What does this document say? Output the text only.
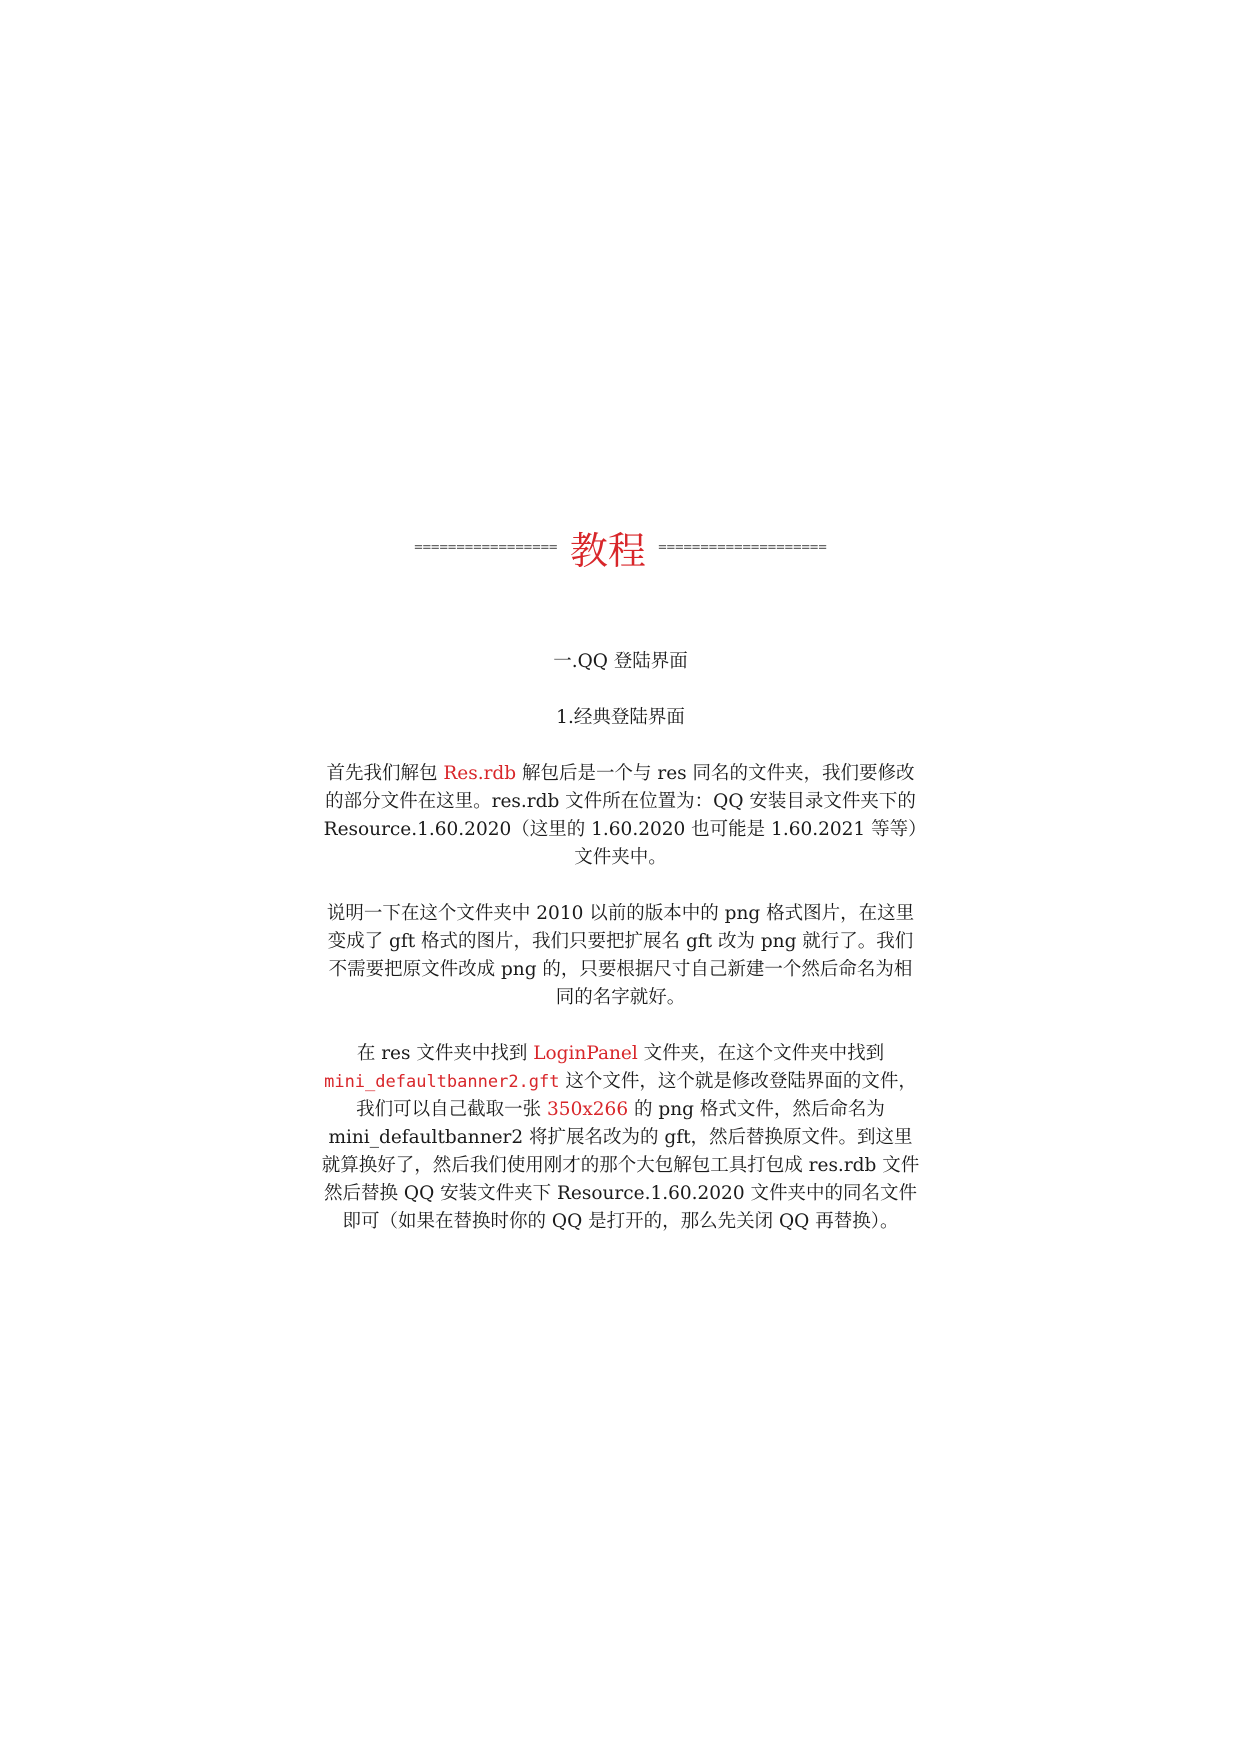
================= 教程 ====================

一.QQ 登陆界面

1.经典登陆界面

首先我们解包 Res.rdb 解包后是一个与 res 同名的文件夹，我们要修改的部分文件在这里。res.rdb 文件所在位置为：QQ 安装目录文件夹下的 Resource.1.60.2020（这里的 1.60.2020 也可能是 1.60.2021 等等）文件夹中。

说明一下在这个文件夹中 2010 以前的版本中的 png 格式图片，在这里变成了 gft 格式的图片，我们只要把扩展名 gft 改为 png 就行了。我们不需要把原文件改成 png 的，只要根据尺寸自己新建一个然后命名为相同的名字就好。

在 res 文件夹中找到 LoginPanel 文件夹，在这个文件夹中找到 mini_defaultbanner2.gft 这个文件，这个就是修改登陆界面的文件，我们可以自己截取一张 350x266 的 png 格式文件，然后命名为 mini_defaultbanner2 将扩展名改为的 gft，然后替换原文件。到这里就算换好了，然后我们使用刚才的那个大包解包工具打包成 res.rdb 文件然后替换 QQ 安装文件夹下 Resource.1.60.2020 文件夹中的同名文件即可（如果在替换时你的 QQ 是打开的，那么先关闭 QQ 再替换）。
